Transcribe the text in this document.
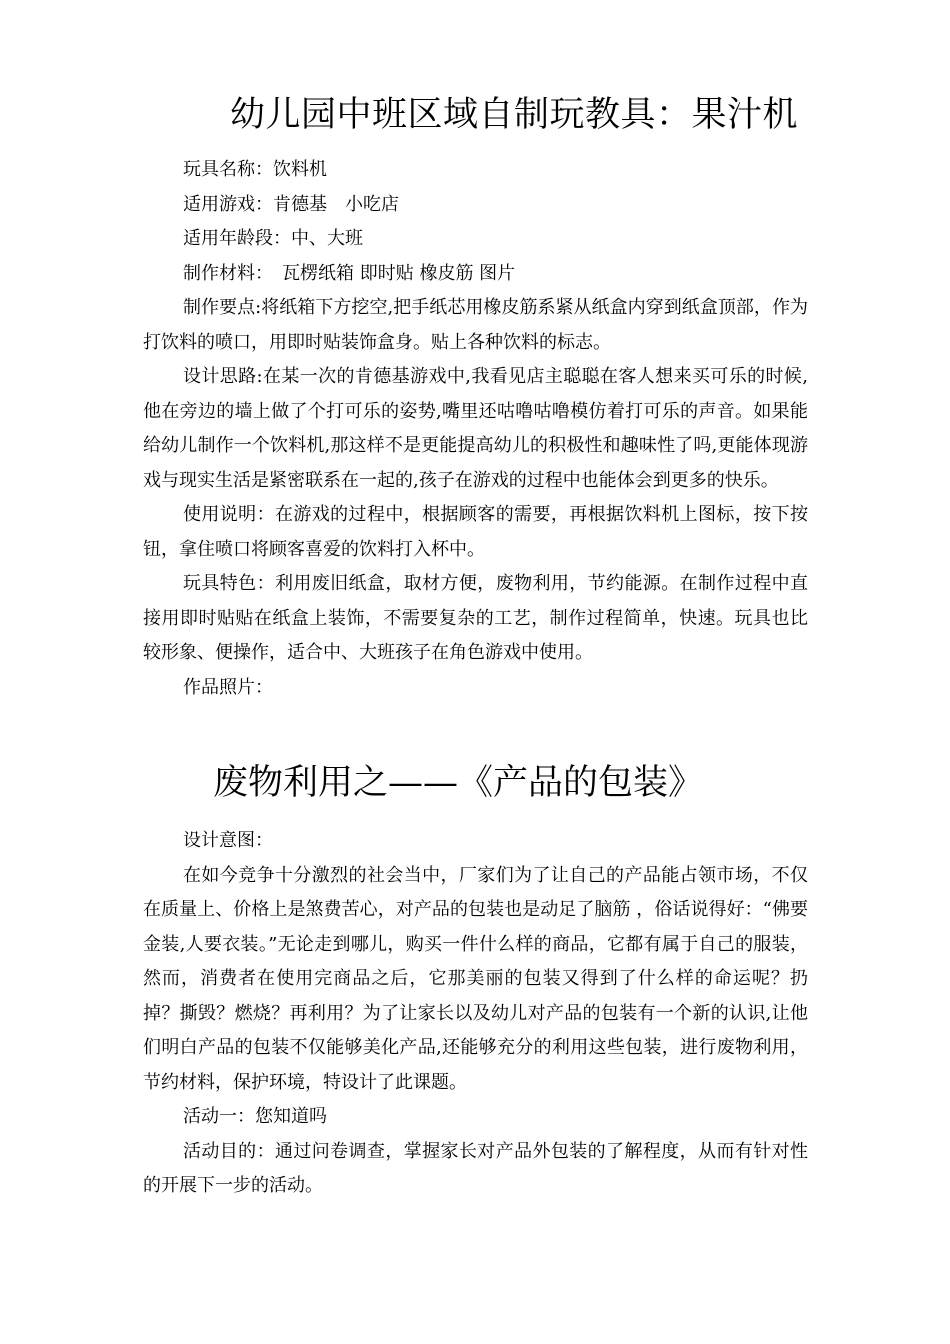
幼儿园中班区域自制玩教具：果汁机

玩具名称：饮料机

适用游戏：肯德基　小吃店

适用年龄段：中、大班

制作材料：　瓦楞纸箱 即时贴 橡皮筋 图片

制作要点:将纸箱下方挖空,把手纸芯用橡皮筋系紧从纸盒内穿到纸盒顶部，作为打饮料的喷口，用即时贴装饰盒身。贴上各种饮料的标志。

设计思路:在某一次的肯德基游戏中,我看见店主聪聪在客人想来买可乐的时候,他在旁边的墙上做了个打可乐的姿势,嘴里还咕噜咕噜模仿着打可乐的声音。如果能给幼儿制作一个饮料机,那这样不是更能提高幼儿的积极性和趣味性了吗,更能体现游戏与现实生活是紧密联系在一起的,孩子在游戏的过程中也能体会到更多的快乐。

使用说明：在游戏的过程中，根据顾客的需要，再根据饮料机上图标，按下按钮，拿住喷口将顾客喜爱的饮料打入杯中。

玩具特色：利用废旧纸盒，取材方便，废物利用，节约能源。在制作过程中直接用即时贴贴在纸盒上装饰，不需要复杂的工艺，制作过程简单，快速。玩具也比较形象、便操作，适合中、大班孩子在角色游戏中使用。

作品照片：

废物利用之——《产品的包装》

设计意图：

在如今竞争十分激烈的社会当中，厂家们为了让自己的产品能占领市场，不仅在质量上、价格上是煞费苦心，对产品的包装也是动足了脑筋 ，俗话说得好：“佛要金装,人要衣装。”无论走到哪儿，购买一件什么样的商品，它都有属于自己的服装，然而，消费者在使用完商品之后，它那美丽的包装又得到了什么样的命运呢？扔掉？撕毁？燃烧？再利用？为了让家长以及幼儿对产品的包装有一个新的认识,让他们明白产品的包装不仅能够美化产品,还能够充分的利用这些包装，进行废物利用，节约材料，保护环境，特设计了此课题。

活动一：您知道吗

活动目的：通过问卷调查，掌握家长对产品外包装的了解程度，从而有针对性的开展下一步的活动。
